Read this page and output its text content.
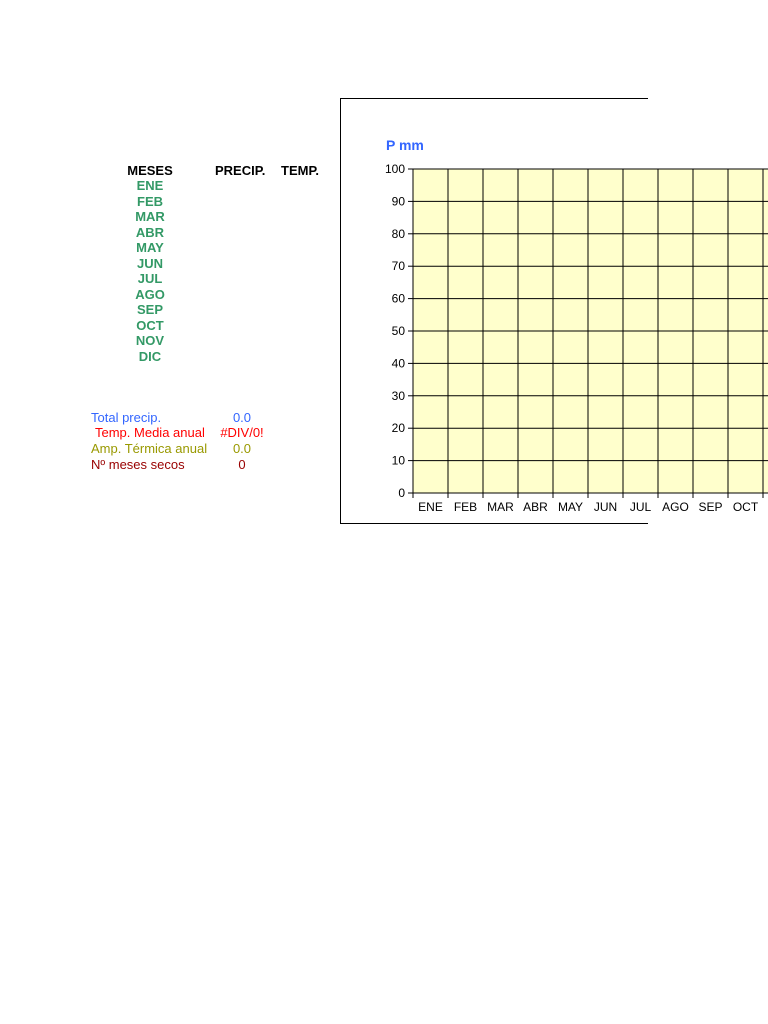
MESES	PRECIP. TEMP.
ENE
FEB
MAR
ABR
MAY
JUN
JUL
AGO
SEP
OCT
NOV
DIC
Total precip.	0.0
Temp. Media anual	#DIV/0!
Amp. Térmica anual	0.0
Nº meses secos	0
0
10
20
30
40
50
60
70
80
90
100
ENE FEB MAR ABR MAY JUN JUL AGO SEP OCT
P mm
